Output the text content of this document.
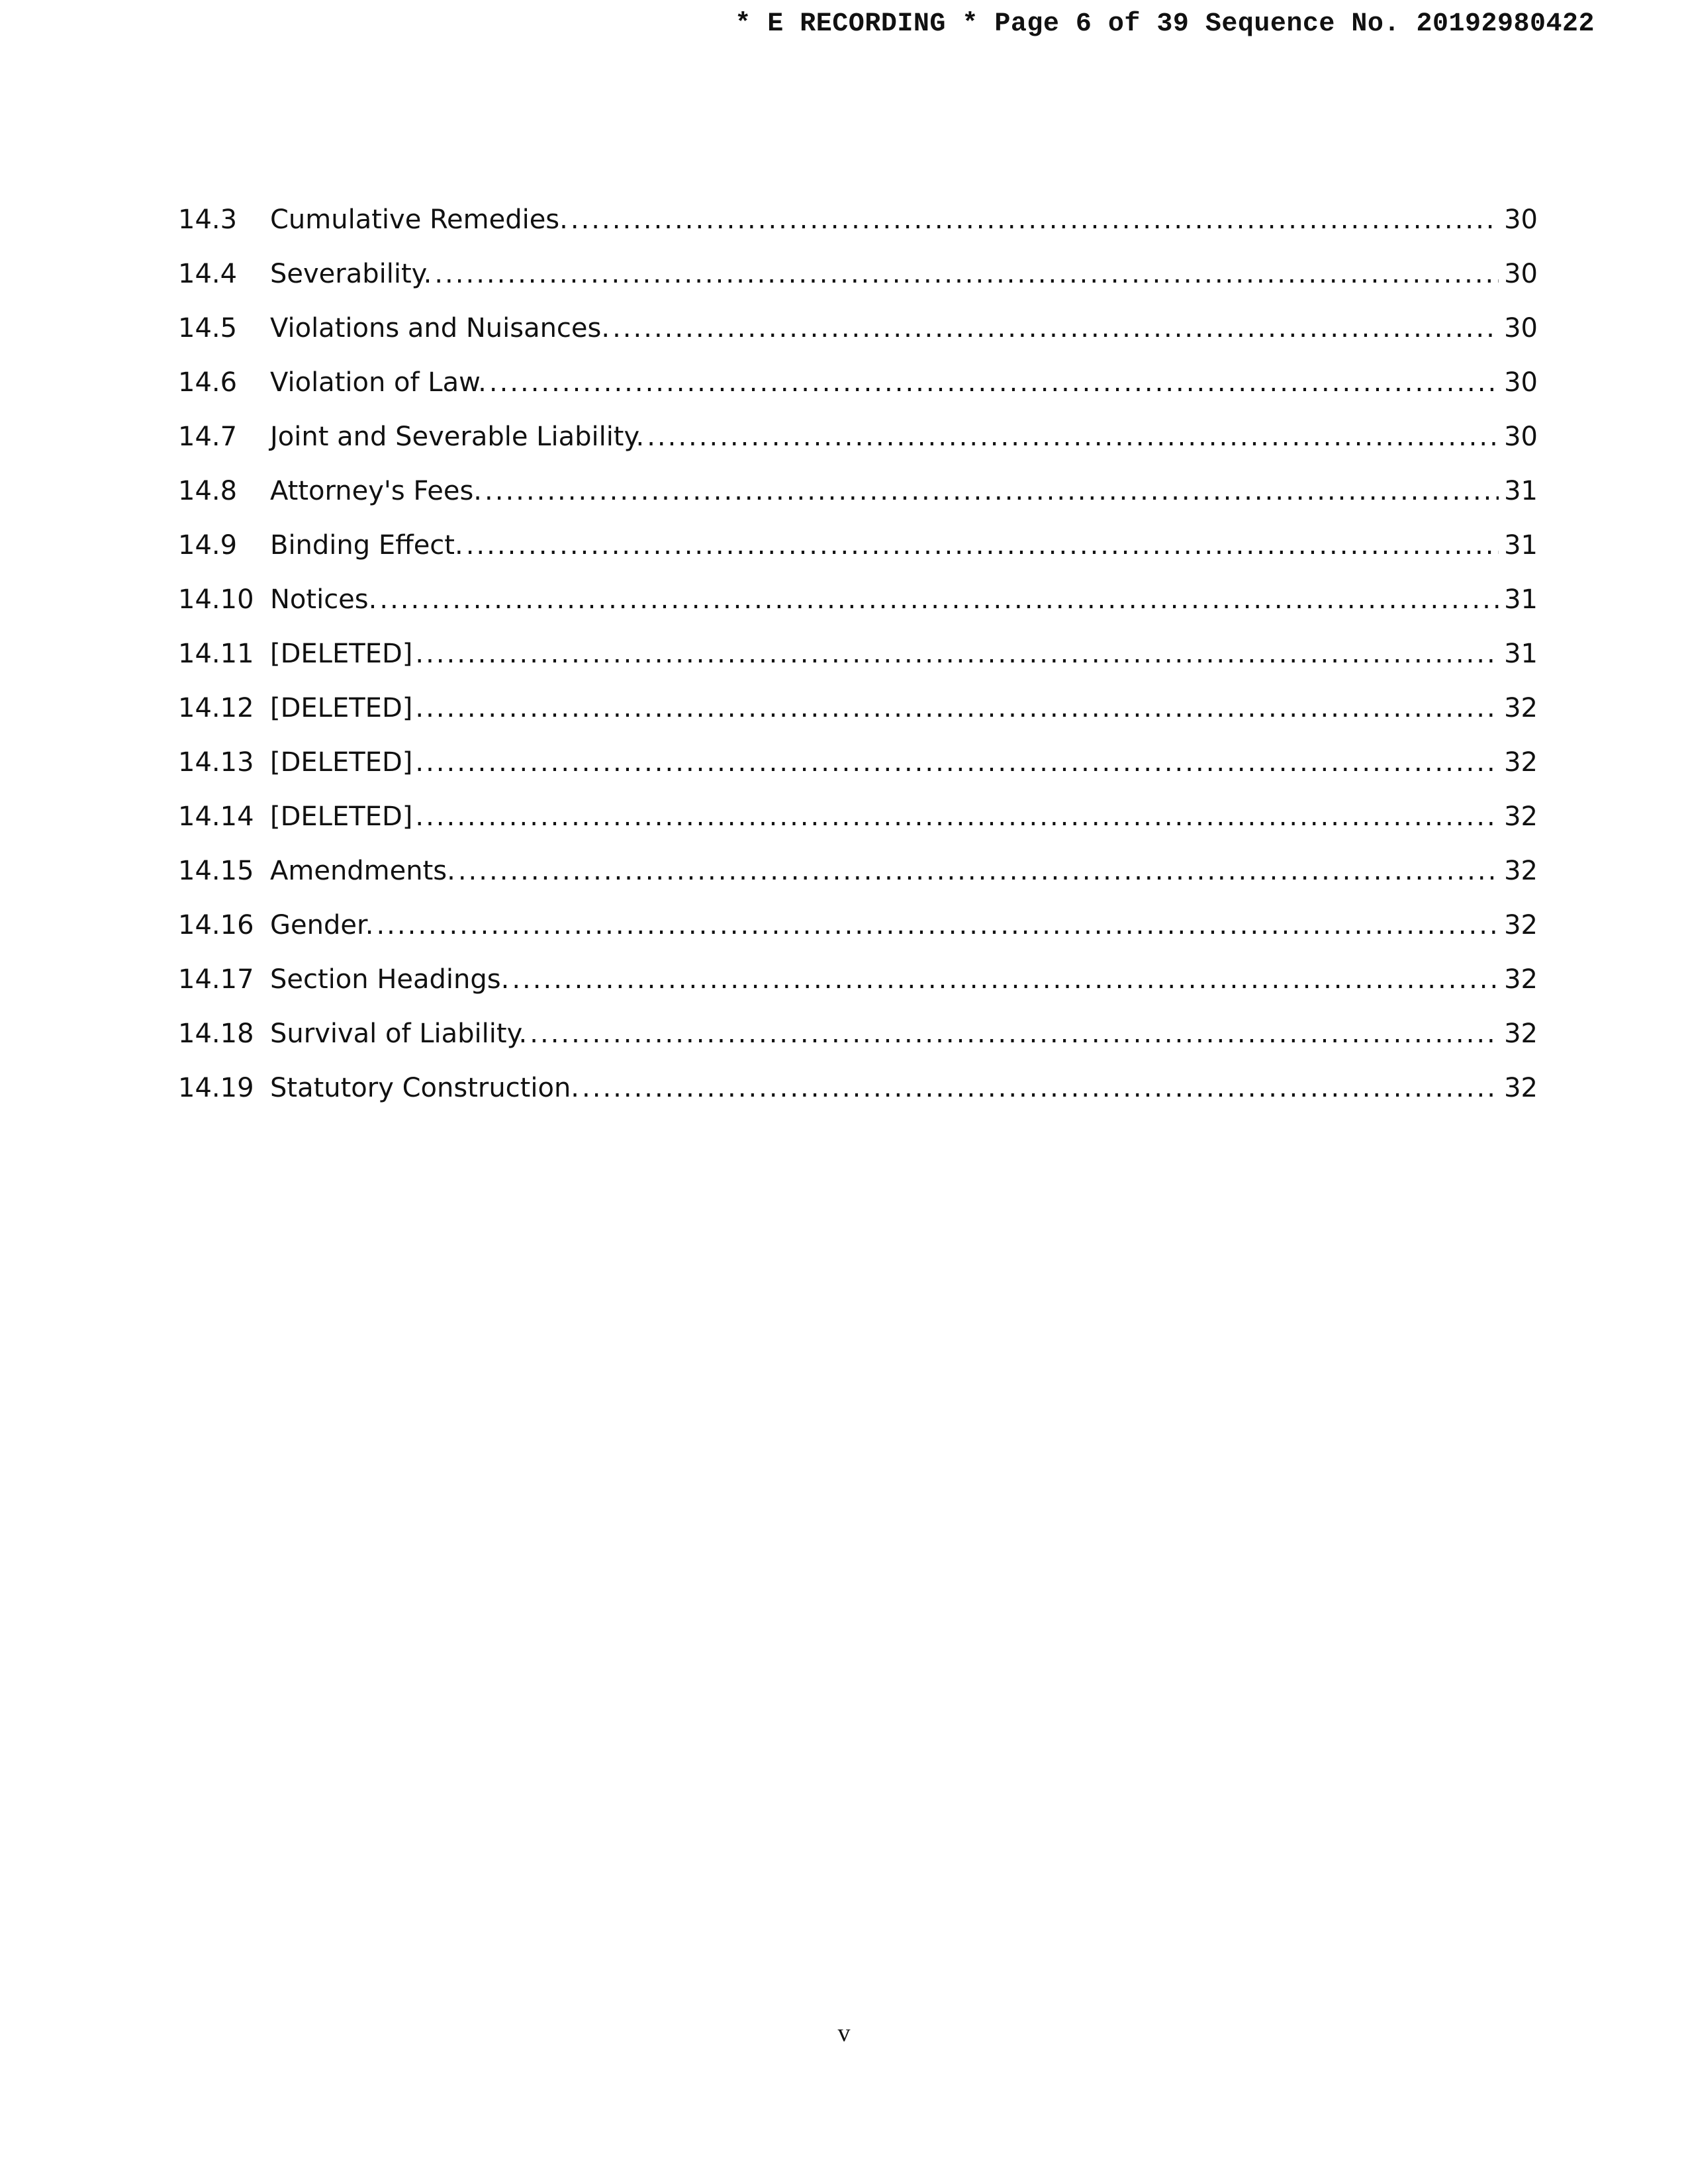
* E RECORDING * Page 6 of 39 Sequence No. 20192980422
14.3	Cumulative Remedies. .....	30
14.4	Severability. .....	30
14.5	Violations and Nuisances. .....	30
14.6	Violation of Law. .....	30
14.7	Joint and Severable Liability. .....	30
14.8	Attorney's Fees. .....	31
14.9	Binding Effect. .....	31
14.10 Notices. .....	31
14.11 [DELETED] .....	31
14.12 [DELETED] .....	32
14.13 [DELETED] .....	32
14.14 [DELETED] .....	32
14.15 Amendments. .....	32
14.16 Gender. .....	32
14.17 Section Headings. .....	32
14.18 Survival of Liability. .....	32
14.19 Statutory Construction. .....	32
v
